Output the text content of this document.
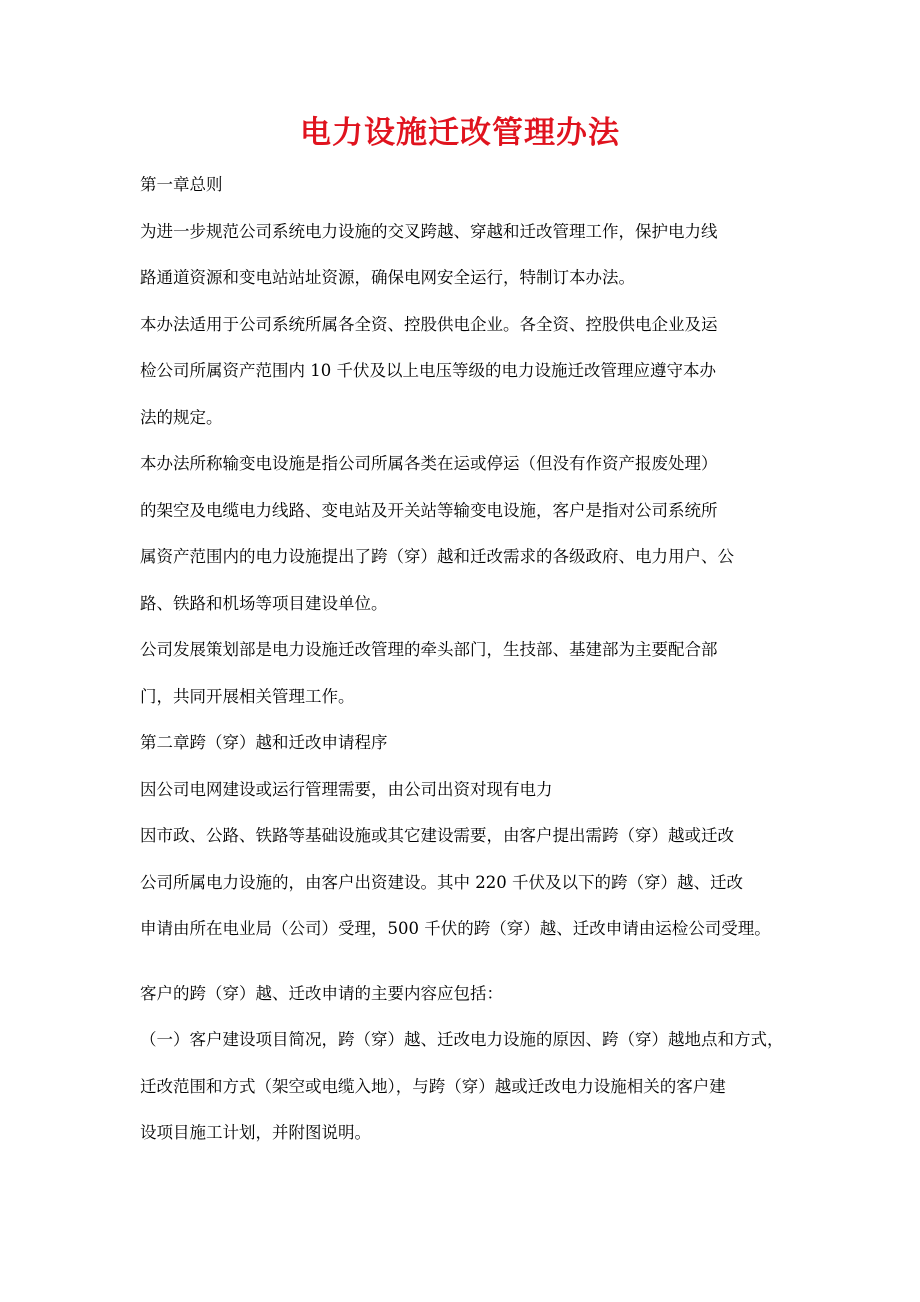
电力设施迁改管理办法
第一章总则
为进一步规范公司系统电力设施的交叉跨越、穿越和迁改管理工作，保护电力线
路通道资源和变电站站址资源，确保电网安全运行，特制订本办法。
本办法适用于公司系统所属各全资、控股供电企业。各全资、控股供电企业及运
检公司所属资产范围内 10 千伏及以上电压等级的电力设施迁改管理应遵守本办
法的规定。
本办法所称输变电设施是指公司所属各类在运或停运（但没有作资产报废处理）
的架空及电缆电力线路、变电站及开关站等输变电设施，客户是指对公司系统所
属资产范围内的电力设施提出了跨（穿）越和迁改需求的各级政府、电力用户、公
路、铁路和机场等项目建设单位。
公司发展策划部是电力设施迁改管理的牵头部门，生技部、基建部为主要配合部
门，共同开展相关管理工作。
第二章跨（穿）越和迁改申请程序
因公司电网建设或运行管理需要，由公司出资对现有电力
因市政、公路、铁路等基础设施或其它建设需要，由客户提出需跨（穿）越或迁改
公司所属电力设施的，由客户出资建设。其中 220 千伏及以下的跨（穿）越、迁改
申请由所在电业局（公司）受理，500 千伏的跨（穿）越、迁改申请由运检公司受理。
客户的跨（穿）越、迁改申请的主要内容应包括：
（一）客户建设项目简况，跨（穿）越、迁改电力设施的原因、跨（穿）越地点和方式，
迁改范围和方式（架空或电缆入地），与跨（穿）越或迁改电力设施相关的客户建
设项目施工计划，并附图说明。
